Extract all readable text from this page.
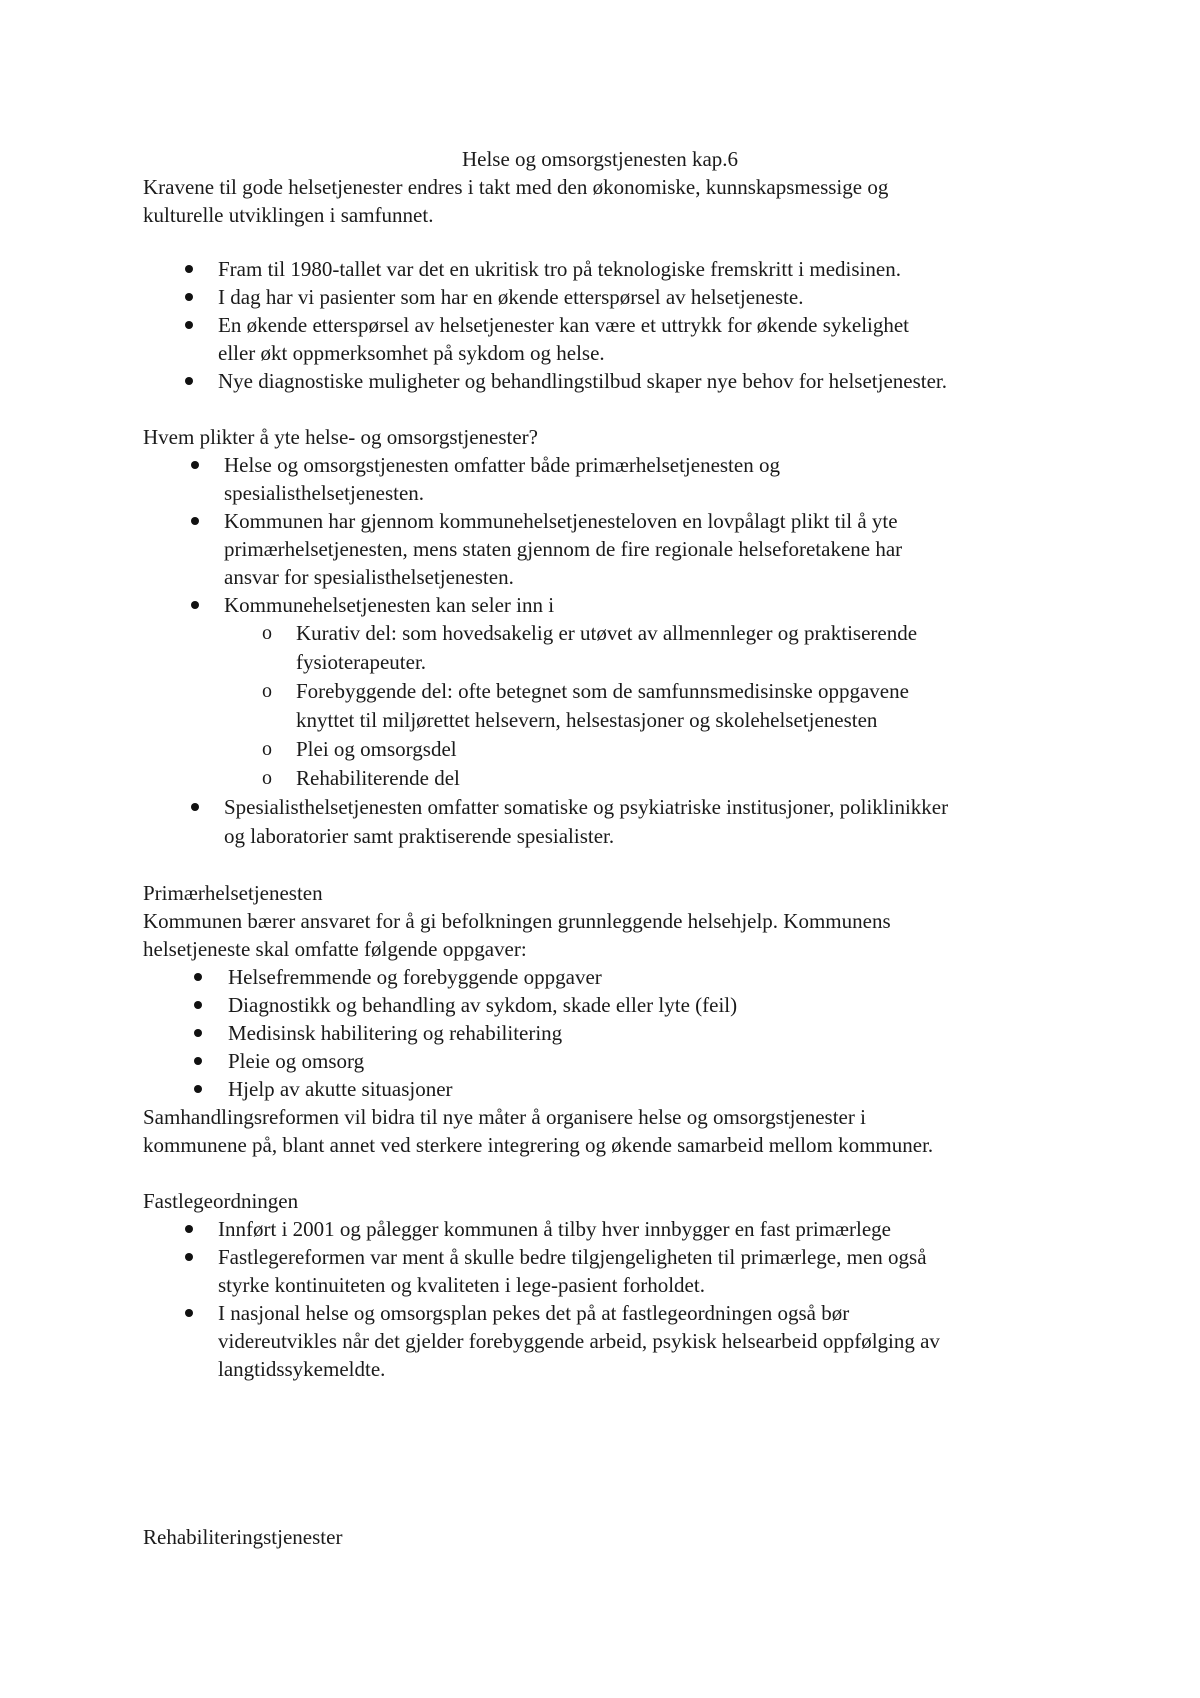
Helse og omsorgstjenesten kap.6
Kravene til gode helsetjenester endres i takt med den økonomiske, kunnskapsmessige og
kulturelle utviklingen i samfunnet.
Fram til 1980-tallet var det en ukritisk tro på teknologiske fremskritt i medisinen.
I dag har vi pasienter som har en økende etterspørsel av helsetjeneste.
En økende etterspørsel av helsetjenester kan være et uttrykk for økende sykelighet
eller økt oppmerksomhet på sykdom og helse.
Nye diagnostiske muligheter og behandlingstilbud skaper nye behov for helsetjenester.
Hvem plikter å yte helse- og omsorgstjenester?
Helse og omsorgstjenesten omfatter både primærhelsetjenesten og
spesialisthelsetjenesten.
Kommunen har gjennom kommunehelsetjenesteloven en lovpålagt plikt til å yte
primærhelsetjenesten, mens staten gjennom de fire regionale helseforetakene har
ansvar for spesialisthelsetjenesten.
Kommunehelsetjenesten kan seler inn i
o Kurativ del: som hovedsakelig er utøvet av allmennleger og praktiserende
fysioterapeuter.
o Forebyggende del: ofte betegnet som de samfunnsmedisinske oppgavene
knyttet til miljørettet helsevern, helsestasjoner og skolehelsetjenesten
o Plei og omsorgsdel
o Rehabiliterende del
Spesialisthelsetjenesten omfatter somatiske og psykiatriske institusjoner, poliklinikker
og laboratorier samt praktiserende spesialister.
Primærhelsetjenesten
Kommunen bærer ansvaret for å gi befolkningen grunnleggende helsehjelp. Kommunens
helsetjeneste skal omfatte følgende oppgaver:
Helsefremmende og forebyggende oppgaver
Diagnostikk og behandling av sykdom, skade eller lyte (feil)
Medisinsk habilitering og rehabilitering
Pleie og omsorg
Hjelp av akutte situasjoner
Samhandlingsreformen vil bidra til nye måter å organisere helse og omsorgstjenester i
kommunene på, blant annet ved sterkere integrering og økende samarbeid mellom kommuner.
Fastlegeordningen
Innført i 2001 og pålegger kommunen å tilby hver innbygger en fast primærlege
Fastlegereformen var ment å skulle bedre tilgjengeligheten til primærlege, men også
styrke kontinuiteten og kvaliteten i lege-pasient forholdet.
I nasjonal helse og omsorgsplan pekes det på at fastlegeordningen også bør
videreutvikles når det gjelder forebyggende arbeid, psykisk helsearbeid oppfølging av
langtidssykemeldte.
Rehabiliteringstjenester
